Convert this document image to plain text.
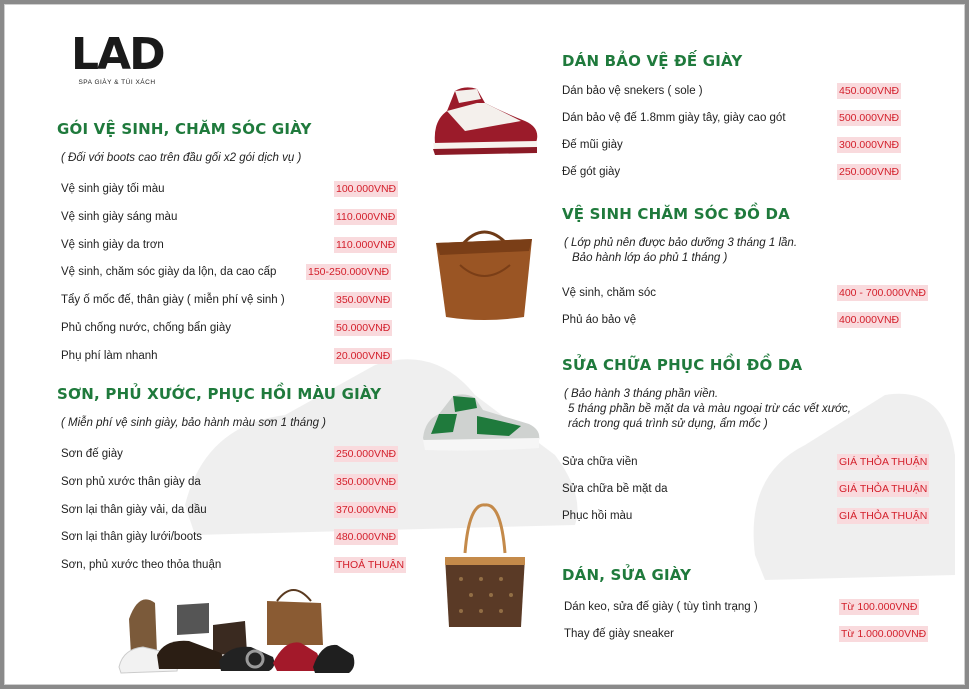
LAD
SPA GIÀY & TÚI XÁCH
GÓI VỆ SINH, CHĂM SÓC GIÀY
( Đối với boots cao trên đầu gối x2 gói dịch vụ )
Vệ sinh giày tối màu	100.000VNĐ
Vệ sinh giày sáng màu	110.000VNĐ
Vệ sinh giày da trơn	110.000VNĐ
Vệ sinh, chăm sóc giày da lộn, da cao cấp	150-250.000VNĐ
Tẩy ố mốc đế, thân giày ( miễn phí vệ sinh )	350.00VNĐ
Phủ chống nước, chống bẩn giày	50.000VNĐ
Phụ phí làm nhanh	20.000VNĐ
SƠN, PHỦ XƯỚC, PHỤC HỒI MÀU GIÀY
( Miễn phí vệ sinh giày, bảo hành màu sơn 1 tháng )
Sơn đế giày	250.000VNĐ
Sơn phủ xước thân giày da	350.000VNĐ
Sơn lại thân giày vải, da dầu	370.000VNĐ
Sơn lại thân giày lưới/boots	480.000VNĐ
Sơn, phủ xước theo thỏa thuận	THOẢ THUẬN
DÁN BẢO VỆ ĐẾ GIÀY
Dán bảo vệ snekers ( sole )	450.000VNĐ
Dán bảo vệ đế 1.8mm giày tây, giày cao gót	500.000VNĐ
Đế mũi giày	300.000VNĐ
Đế gót giày	250.000VNĐ
VỆ SINH CHĂM SÓC ĐỒ DA
( Lớp phủ nên được bảo dưỡng 3 tháng 1 lần.
Bảo hành lớp áo phủ 1 tháng )
Vệ sinh, chăm sóc	400 - 700.000VNĐ
Phủ áo bảo vệ	400.000VNĐ
SỬA CHỮA PHỤC HỒI ĐỒ DA
( Bảo hành 3 tháng phần viền.
5 tháng phần bề mặt da và màu ngoại trừ các vết xước,
rách trong quá trình sử dụng, ẩm mốc )
Sửa chữa viền	GIÁ THỎA THUẬN
Sửa chữa bề mặt da	GIÁ THỎA THUẬN
Phục hồi màu	GIÁ THỎA THUẬN
DÁN, SỬA GIÀY
Dán keo, sửa đế giày ( tùy tình trạng )	Từ 100.000VNĐ
Thay đế giày sneaker	Từ 1.000.000VNĐ
